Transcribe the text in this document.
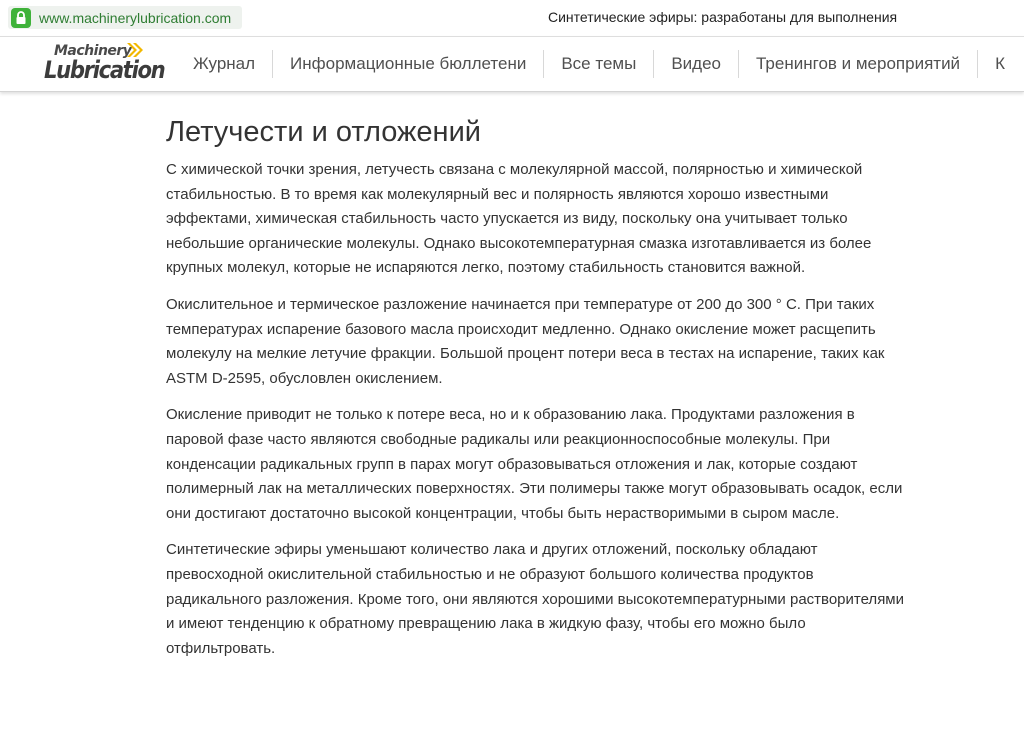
www.machinerylubrication.com	Синтетические эфиры: разработаны для выполнения
Machinery
Lubrication	Журнал	Информационные бюллетени	Все темы	Видео	Тренингов и мероприятий	К
Летучести и отложений

С химической точки зрения, летучесть связана с молекулярной массой, полярностью и химической стабильностью. В то время как молекулярный вес и полярность являются хорошо известными эффектами, химическая стабильность часто упускается из виду, поскольку она учитывает только небольшие органические молекулы. Однако высокотемпературная смазка изготавливается из более крупных молекул, которые не испаряются легко, поэтому стабильность становится важной.

Окислительное и термическое разложение начинается при температуре от 200 до 300 ° C. При таких температурах испарение базового масла происходит медленно. Однако окисление может расщепить молекулу на мелкие летучие фракции. Большой процент потери веса в тестах на испарение, таких как ASTM D-2595, обусловлен окислением.

Окисление приводит не только к потере веса, но и к образованию лака. Продуктами разложения в паровой фазе часто являются свободные радикалы или реакционноспособные молекулы. При конденсации радикальных групп в парах могут образовываться отложения и лак, которые создают полимерный лак на металлических поверхностях. Эти полимеры также могут образовывать осадок, если они достигают достаточно высокой концентрации, чтобы быть нерастворимыми в сыром масле.

Синтетические эфиры уменьшают количество лака и других отложений, поскольку обладают превосходной окислительной стабильностью и не образуют большого количества продуктов радикального разложения. Кроме того, они являются хорошими высокотемпературными растворителями и имеют тенденцию к обратному превращению лака в жидкую фазу, чтобы его можно было отфильтровать.
